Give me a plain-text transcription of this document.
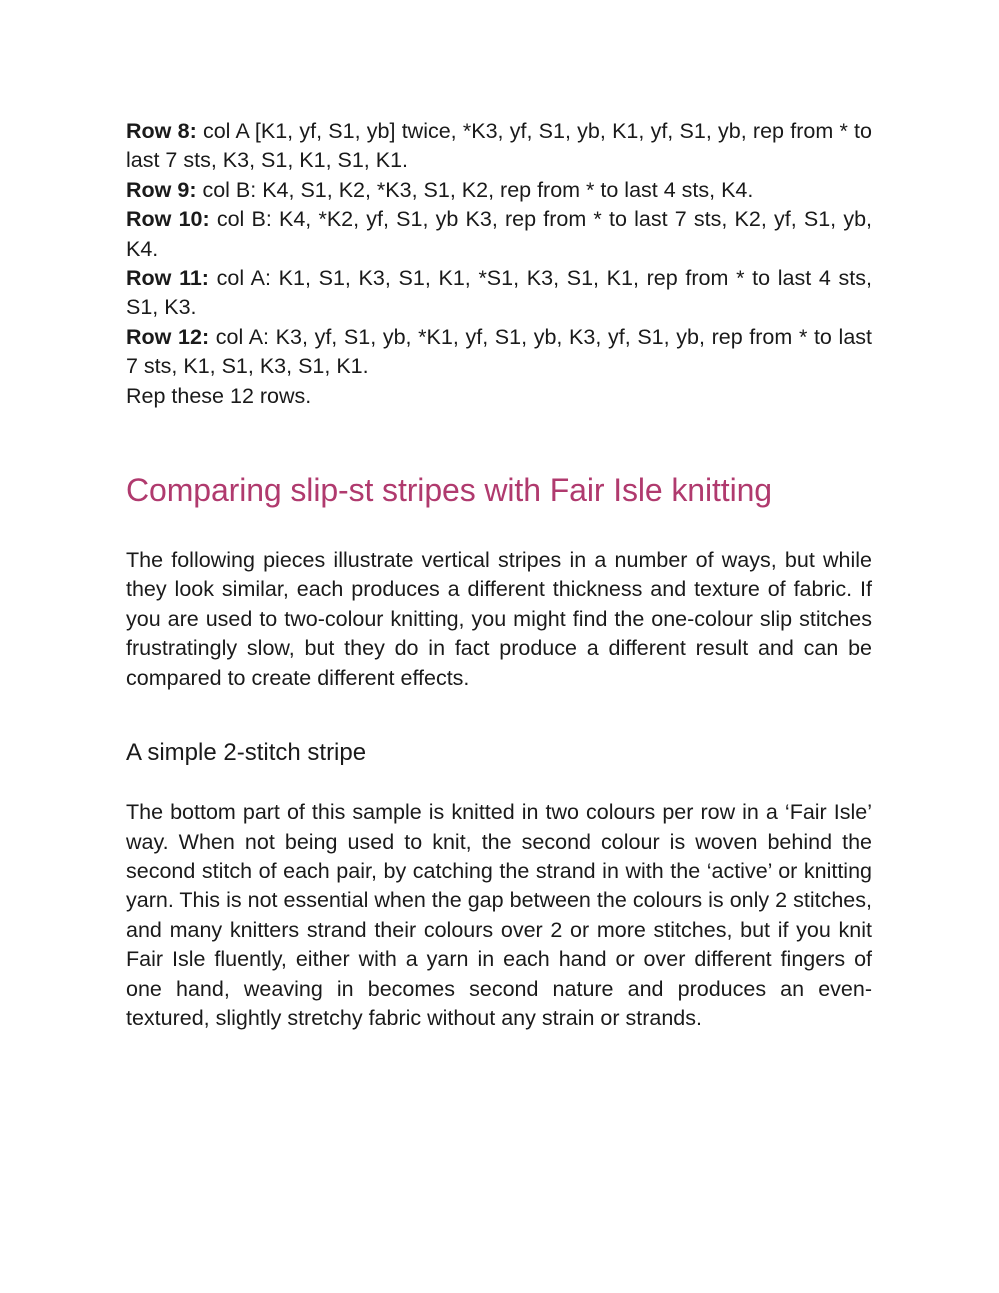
Row 8: col A [K1, yf, S1, yb] twice, *K3, yf, S1, yb, K1, yf, S1, yb, rep from * to last 7 sts, K3, S1, K1, S1, K1.
Row 9: col B: K4, S1, K2, *K3, S1, K2, rep from * to last 4 sts, K4.
Row 10: col B: K4, *K2, yf, S1, yb K3, rep from * to last 7 sts, K2, yf, S1, yb, K4.
Row 11: col A: K1, S1, K3, S1, K1, *S1, K3, S1, K1, rep from * to last 4 sts, S1, K3.
Row 12: col A: K3, yf, S1, yb, *K1, yf, S1, yb, K3, yf, S1, yb, rep from * to last 7 sts, K1, S1, K3, S1, K1.
Rep these 12 rows.
Comparing slip-st stripes with Fair Isle knitting

The following pieces illustrate vertical stripes in a number of ways, but while they look similar, each produces a different thickness and texture of fabric. If you are used to two-colour knitting, you might find the one-colour slip stitches frustratingly slow, but they do in fact produce a different result and can be compared to create different effects.

A simple 2-stitch stripe

The bottom part of this sample is knitted in two colours per row in a ‘Fair Isle’ way. When not being used to knit, the second colour is woven behind the second stitch of each pair, by catching the strand in with the ‘active’ or knitting yarn. This is not essential when the gap between the colours is only 2 stitches, and many knitters strand their colours over 2 or more stitches, but if you knit Fair Isle fluently, either with a yarn in each hand or over different fingers of one hand, weaving in becomes second nature and produces an even-textured, slightly stretchy fabric without any strain or strands.
